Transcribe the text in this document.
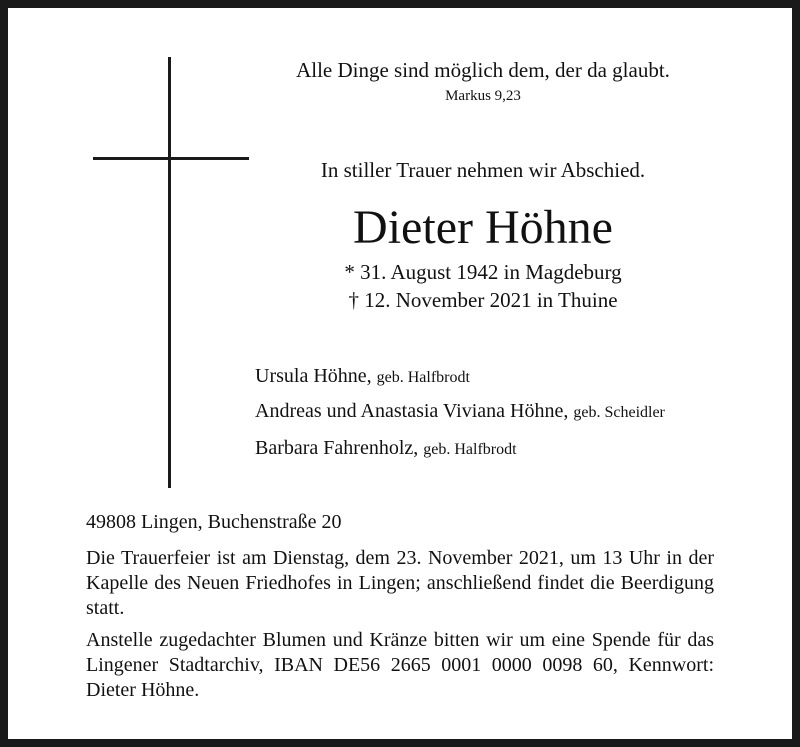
Alle Dinge sind möglich dem, der da glaubt.
Markus 9,23
In stiller Trauer nehmen wir Abschied.
Dieter Höhne
* 31. August 1942 in Magdeburg
† 12. November 2021 in Thuine
Ursula Höhne, geb. Halfbrodt
Andreas und Anastasia Viviana Höhne, geb. Scheidler
Barbara Fahrenholz, geb. Halfbrodt
49808 Lingen, Buchenstraße 20
Die Trauerfeier ist am Dienstag, dem 23. November 2021, um 13 Uhr in der Kapelle des Neuen Friedhofes in Lingen; anschließend findet die Beerdigung statt.
Anstelle zugedachter Blumen und Kränze bitten wir um eine Spende für das Lingener Stadtarchiv, IBAN DE56 2665 0001 0000 0098 60, Kennwort: Dieter Höhne.
